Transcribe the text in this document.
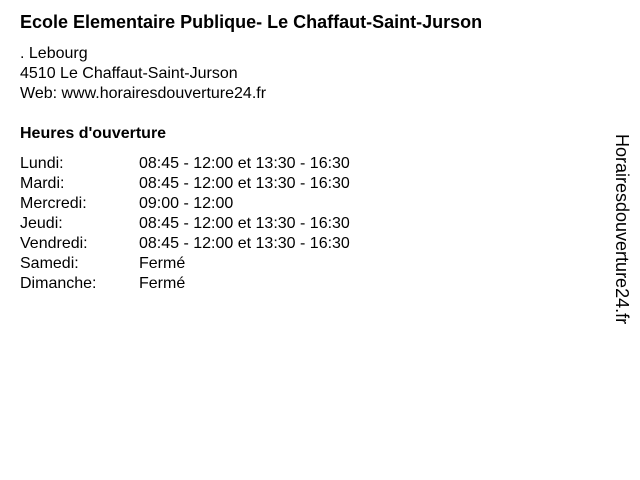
Ecole Elementaire Publique- Le Chaffaut-Saint-Jurson
. Lebourg
4510 Le Chaffaut-Saint-Jurson
Web: www.horairesdouverture24.fr
Heures d'ouverture
Lundi:	08:45 - 12:00 et 13:30 - 16:30
Mardi:	08:45 - 12:00 et 13:30 - 16:30
Mercredi:	09:00 - 12:00
Jeudi:	08:45 - 12:00 et 13:30 - 16:30
Vendredi:	08:45 - 12:00 et 13:30 - 16:30
Samedi:	Fermé
Dimanche:	Fermé	Horairesdouverture24.fr
